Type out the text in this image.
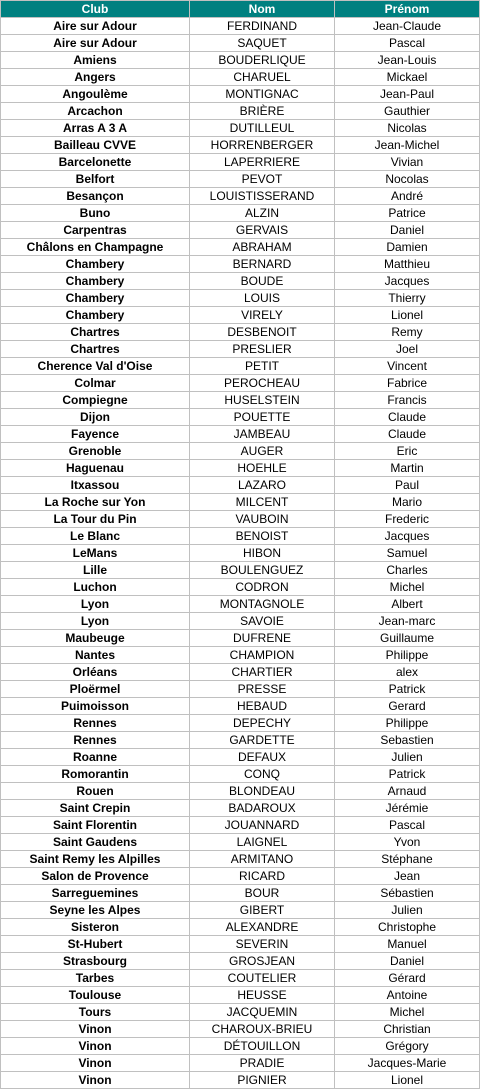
Club	Nom	Prénom
Aire sur Adour	FERDINAND	Jean-Claude
Aire sur Adour	SAQUET	Pascal
Amiens	BOUDERLIQUE	Jean-Louis
Angers	CHARUEL	Mickael
Angoulème	MONTIGNAC	Jean-Paul
Arcachon	BRIÈRE	Gauthier
Arras A 3 A	DUTILLEUL	Nicolas
Bailleau CVVE	HORRENBERGER	Jean-Michel
Barcelonette	LAPERRIERE	Vivian
Belfort	PEVOT	Nocolas
Besançon	LOUISTISSERAND	André
Buno	ALZIN	Patrice
Carpentras	GERVAIS	Daniel
Châlons en Champagne	ABRAHAM	Damien
Chambery	BERNARD	Matthieu
Chambery	BOUDE	Jacques
Chambery	LOUIS	Thierry
Chambery	VIRELY	Lionel
Chartres	DESBENOIT	Remy
Chartres	PRESLIER	Joel
Cherence Val d'Oise	PETIT	Vincent
Colmar	PEROCHEAU	Fabrice
Compiegne	HUSELSTEIN	Francis
Dijon	POUETTE	Claude
Fayence	JAMBEAU	Claude
Grenoble	AUGER	Eric
Haguenau	HOEHLE	Martin
Itxassou	LAZARO	Paul
La Roche sur Yon	MILCENT	Mario
La Tour du Pin	VAUBOIN	Frederic
Le Blanc	BENOIST	Jacques
LeMans	HIBON	Samuel
Lille	BOULENGUEZ	Charles
Luchon	CODRON	Michel
Lyon	MONTAGNOLE	Albert
Lyon	SAVOIE	Jean-marc
Maubeuge	DUFRENE	Guillaume
Nantes	CHAMPION	Philippe
Orléans	CHARTIER	alex
Ploërmel	PRESSE	Patrick
Puimoisson	HEBAUD	Gerard
Rennes	DEPECHY	Philippe
Rennes	GARDETTE	Sebastien
Roanne	DEFAUX	Julien
Romorantin	CONQ	Patrick
Rouen	BLONDEAU	Arnaud
Saint Crepin	BADAROUX	Jérémie
Saint Florentin	JOUANNARD	Pascal
Saint Gaudens	LAIGNEL	Yvon
Saint Remy les Alpilles	ARMITANO	Stéphane
Salon de Provence	RICARD	Jean
Sarreguemines	BOUR	Sébastien
Seyne les Alpes	GIBERT	Julien
Sisteron	ALEXANDRE	Christophe
St-Hubert	SEVERIN	Manuel
Strasbourg	GROSJEAN	Daniel
Tarbes	COUTELIER	Gérard
Toulouse	HEUSSE	Antoine
Tours	JACQUEMIN	Michel
Vinon	CHAROUX-BRIEU	Christian
Vinon	DÉTOUILLON	Grégory
Vinon	PRADIE	Jacques-Marie
Vinon	PIGNIER	Lionel
